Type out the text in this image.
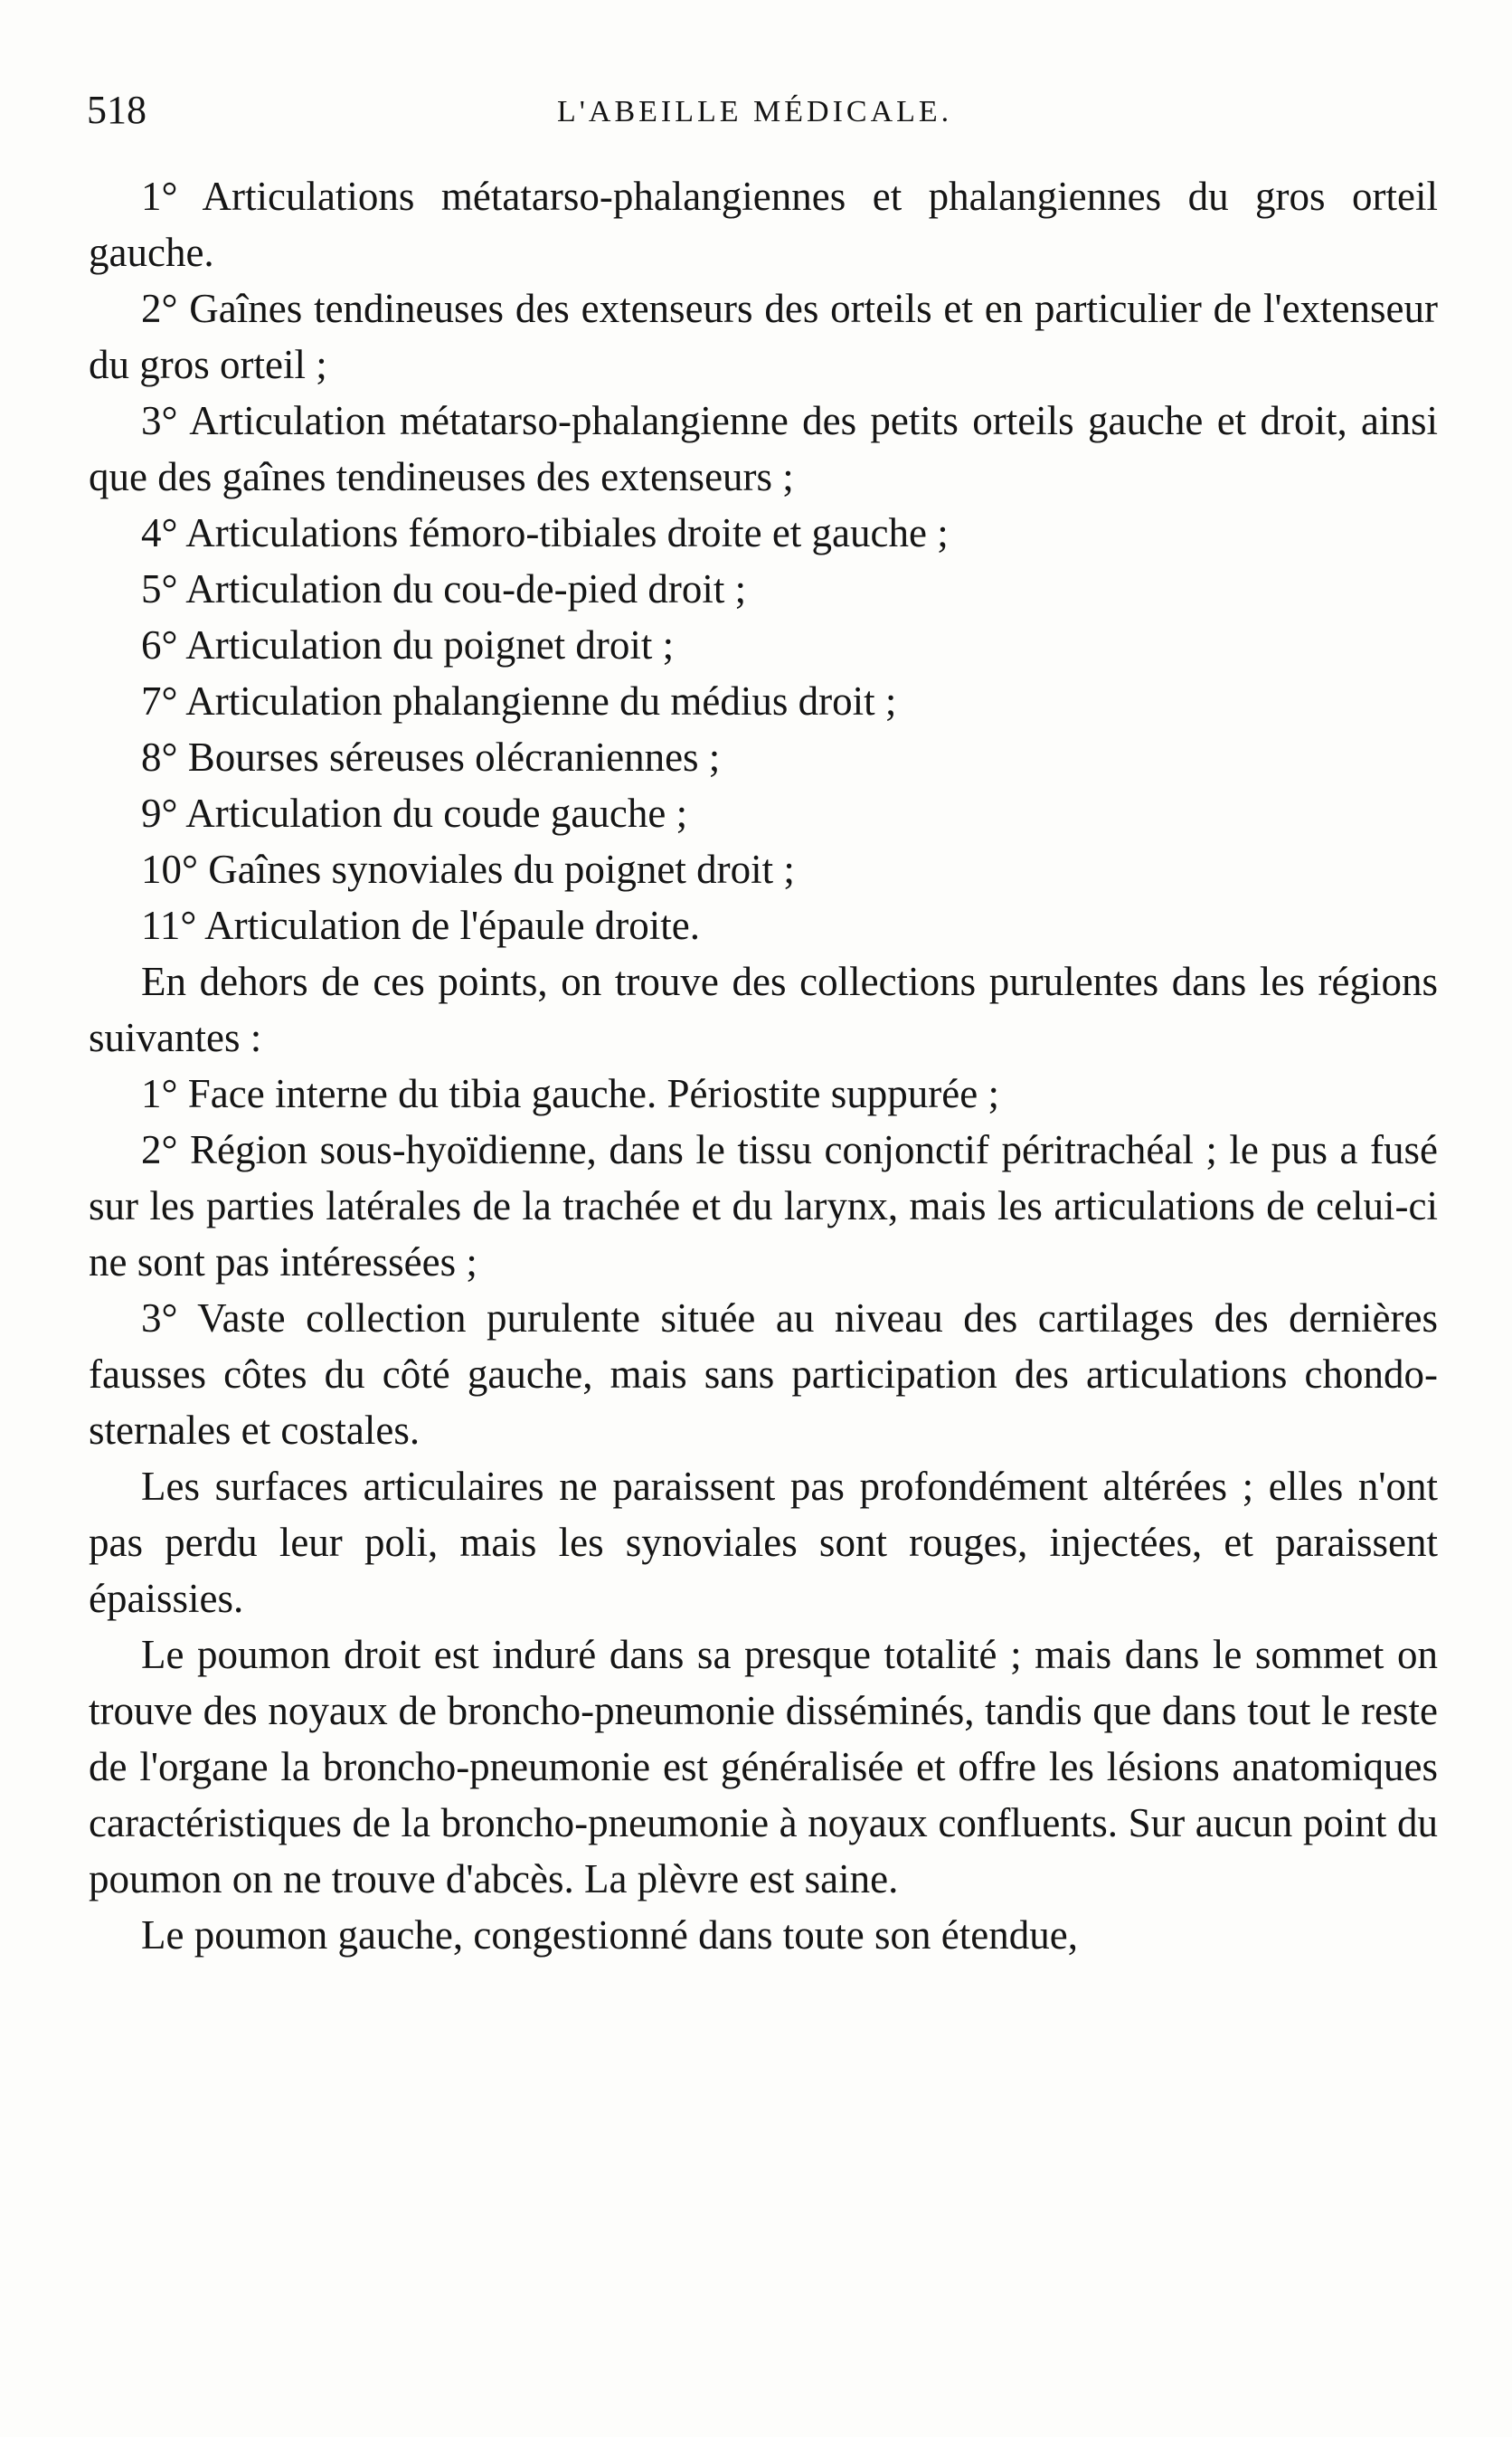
518	L'ABEILLE MÉDICALE.

1° Articulations métatarso-phalangiennes et phalangiennes du gros orteil gauche.

2° Gaînes tendineuses des extenseurs des orteils et en particulier de l'extenseur du gros orteil ;

3° Articulation métatarso-phalangienne des petits orteils gauche et droit, ainsi que des gaînes tendineuses des extenseurs ;

4° Articulations fémoro-tibiales droite et gauche ;

5° Articulation du cou-de-pied droit ;

6° Articulation du poignet droit ;

7° Articulation phalangienne du médius droit ;

8° Bourses séreuses olécraniennes ;

9° Articulation du coude gauche ;

10° Gaînes synoviales du poignet droit ;

11° Articulation de l'épaule droite.

En dehors de ces points, on trouve des collections purulentes dans les régions suivantes :

1° Face interne du tibia gauche. Périostite suppurée ;

2° Région sous-hyoïdienne, dans le tissu conjonctif péritrachéal ; le pus a fusé sur les parties latérales de la trachée et du larynx, mais les articulations de celui-ci ne sont pas intéressées ;

3° Vaste collection purulente située au niveau des cartilages des dernières fausses côtes du côté gauche, mais sans participation des articulations chondo-sternales et costales.

Les surfaces articulaires ne paraissent pas profondément altérées ; elles n'ont pas perdu leur poli, mais les synoviales sont rouges, injectées, et paraissent épaissies.

Le poumon droit est induré dans sa presque totalité ; mais dans le sommet on trouve des noyaux de broncho-pneumonie disséminés, tandis que dans tout le reste de l'organe la broncho-pneumonie est généralisée et offre les lésions anatomiques caractéristiques de la broncho-pneumonie à noyaux confluents. Sur aucun point du poumon on ne trouve d'abcès. La plèvre est saine.

Le poumon gauche, congestionné dans toute son étendue,
